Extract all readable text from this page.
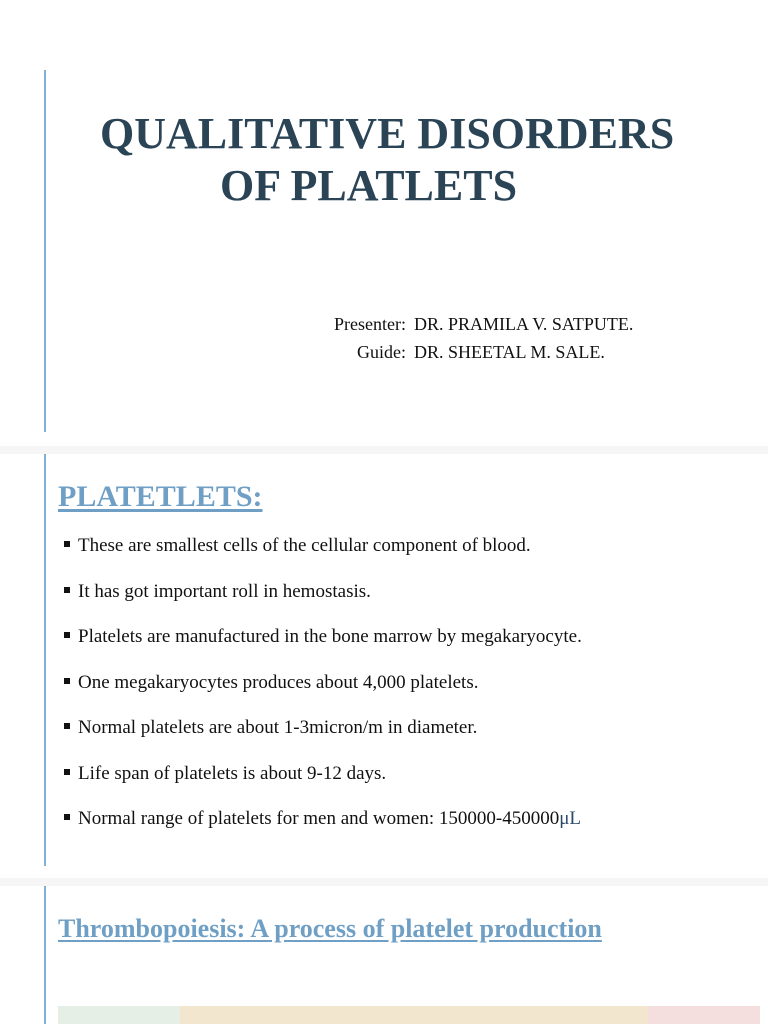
QUALITATIVE DISORDERS
OF PLATLETS
Presenter: DR. PRAMILA V. SATPUTE.
Guide: DR. SHEETAL M. SALE.
PLATETLETS:
These are smallest cells of the cellular component of blood.
It has got important roll in hemostasis.
Platelets are manufactured in the bone marrow by megakaryocyte.
One megakaryocytes produces about 4,000 platelets.
Normal platelets are about 1-3micron/m in diameter.
Life span of platelets is about 9-12 days.
Normal range of platelets for men and women: 150000-450000μL
Thrombopoiesis: A process of platelet production
